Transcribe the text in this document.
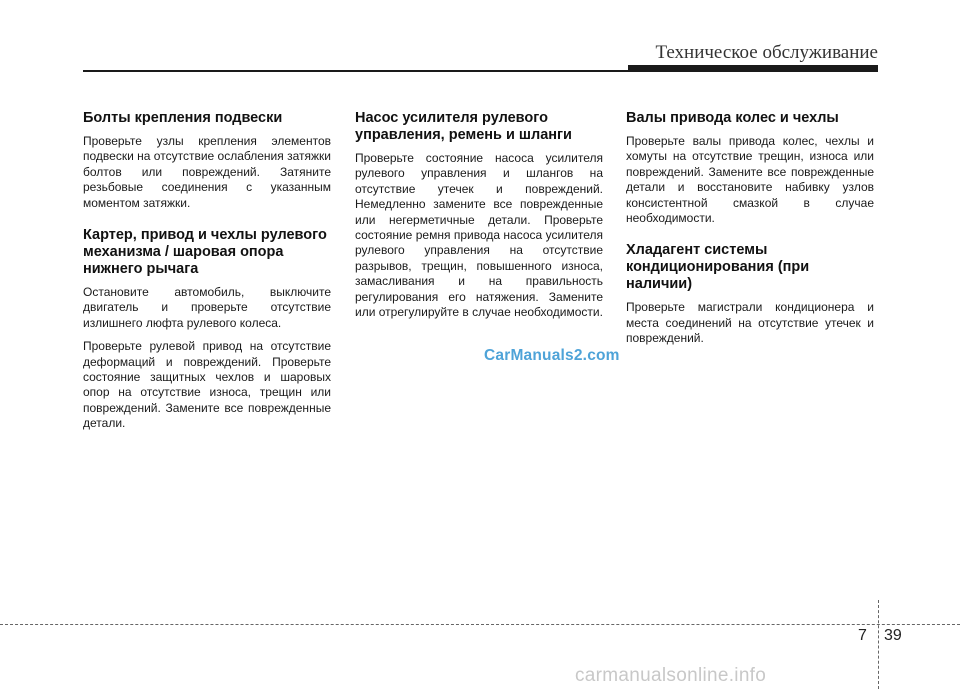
Техническое обслуживание
Болты крепления подвески

Проверьте узлы крепления элементов подвески на отсутствие ослабления затяжки болтов или повреждений. Затяните резьбовые соединения с указанным моментом затяжки.

Картер, привод и чехлы рулевого механизма / шаровая опора нижнего рычага

Остановите автомобиль, выключите двигатель и проверьте отсутствие излишнего люфта рулевого колеса.

Проверьте рулевой привод на отсутствие деформаций и повреждений. Проверьте состояние защитных чехлов и шаровых опор на отсутствие износа, трещин или повреждений. Замените все поврежденные детали.

Насос усилителя рулевого управления, ремень и шланги

Проверьте состояние насоса усилителя рулевого управления и шлангов на отсутствие утечек и повреждений. Немедленно замените все поврежденные или негерметичные детали. Проверьте состояние ремня привода насоса усилителя рулевого управления на отсутствие разрывов, трещин, повышенного износа, замасливания и на правильность регулирования его натяжения. Замените или отрегулируйте в случае необходимости.

Валы привода колес и чехлы

Проверьте валы привода колес, чехлы и хомуты на отсутствие трещин, износа или повреждений. Замените все поврежденные детали и восстановите набивку узлов консистентной смазкой в случае необходимости.

Хладагент системы кондиционирования (при наличии)

Проверьте магистрали кондиционера и места соединений на отсутствие утечек и повреждений.

CarManuals2.com
7 39
carmanualsonline.info
